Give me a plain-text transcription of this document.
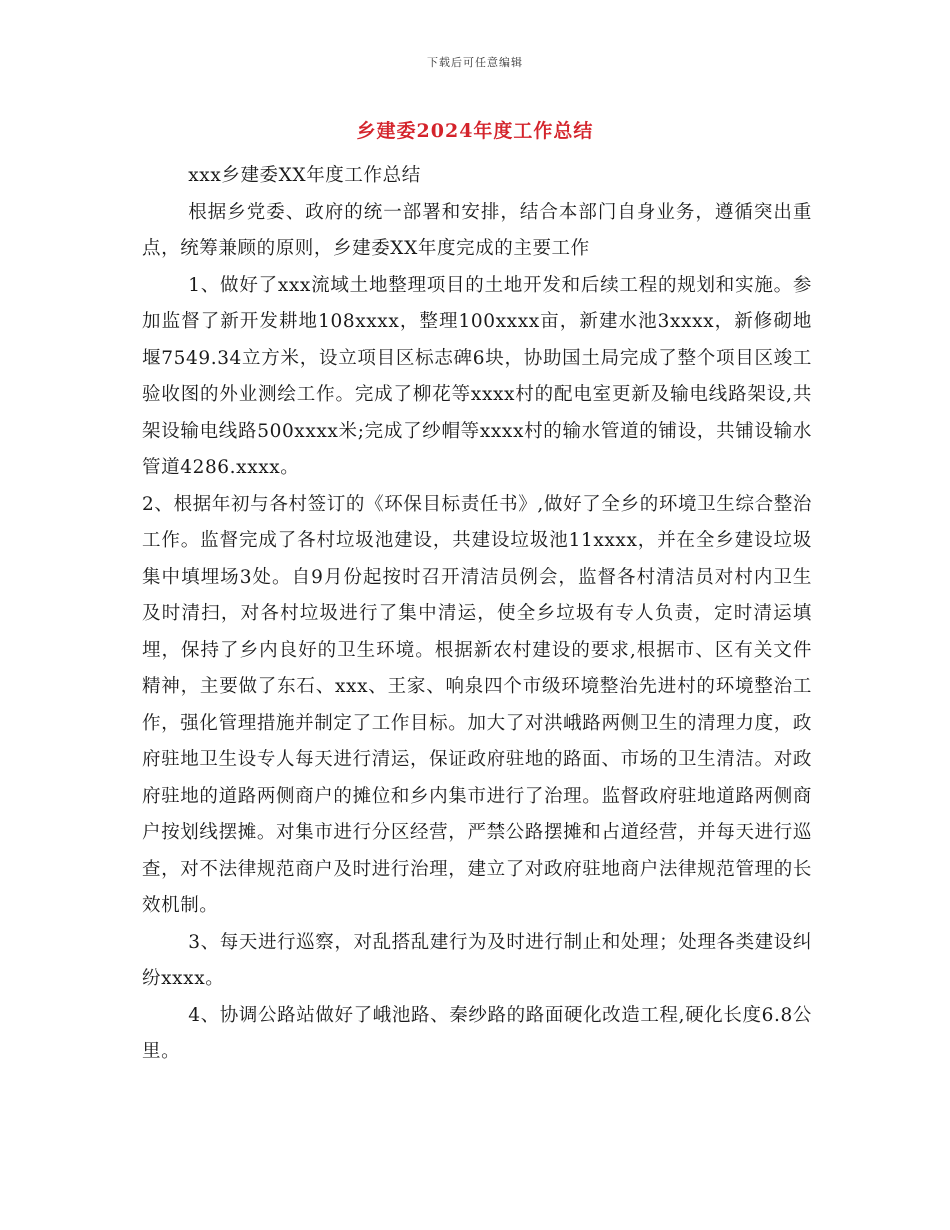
下载后可任意编辑
乡建委2024年度工作总结

xxx乡建委XX年度工作总结

根据乡党委、政府的统一部署和安排，结合本部门自身业务，遵循突出重点，统筹兼顾的原则，乡建委XX年度完成的主要工作

1、做好了xxx流域土地整理项目的土地开发和后续工程的规划和实施。参加监督了新开发耕地108xxxx，整理100xxxx亩，新建水池3xxxx，新修砌地堰7549.34立方米，设立项目区标志碑6块，协助国土局完成了整个项目区竣工验收图的外业测绘工作。完成了柳花等xxxx村的配电室更新及输电线路架设,共架设输电线路500xxxx米;完成了纱帽等xxxx村的输水管道的铺设，共铺设输水管道4286.xxxx。

2、根据年初与各村签订的《环保目标责任书》,做好了全乡的环境卫生综合整治工作。监督完成了各村垃圾池建设，共建设垃圾池11xxxx，并在全乡建设垃圾集中填埋场3处。自9月份起按时召开清洁员例会，监督各村清洁员对村内卫生及时清扫，对各村垃圾进行了集中清运，使全乡垃圾有专人负责，定时清运填埋，保持了乡内良好的卫生环境。根据新农村建设的要求,根据市、区有关文件精神，主要做了东石、xxx、王家、响泉四个市级环境整治先进村的环境整治工作，强化管理措施并制定了工作目标。加大了对洪峨路两侧卫生的清理力度，政府驻地卫生设专人每天进行清运，保证政府驻地的路面、市场的卫生清洁。对政府驻地的道路两侧商户的摊位和乡内集市进行了治理。监督政府驻地道路两侧商户按划线摆摊。对集市进行分区经营，严禁公路摆摊和占道经营，并每天进行巡查，对不法律规范商户及时进行治理，建立了对政府驻地商户法律规范管理的长效机制。

3、每天进行巡察，对乱搭乱建行为及时进行制止和处理；处理各类建设纠纷xxxx。

4、协调公路站做好了峨池路、秦纱路的路面硬化改造工程,硬化长度6.8公里。
